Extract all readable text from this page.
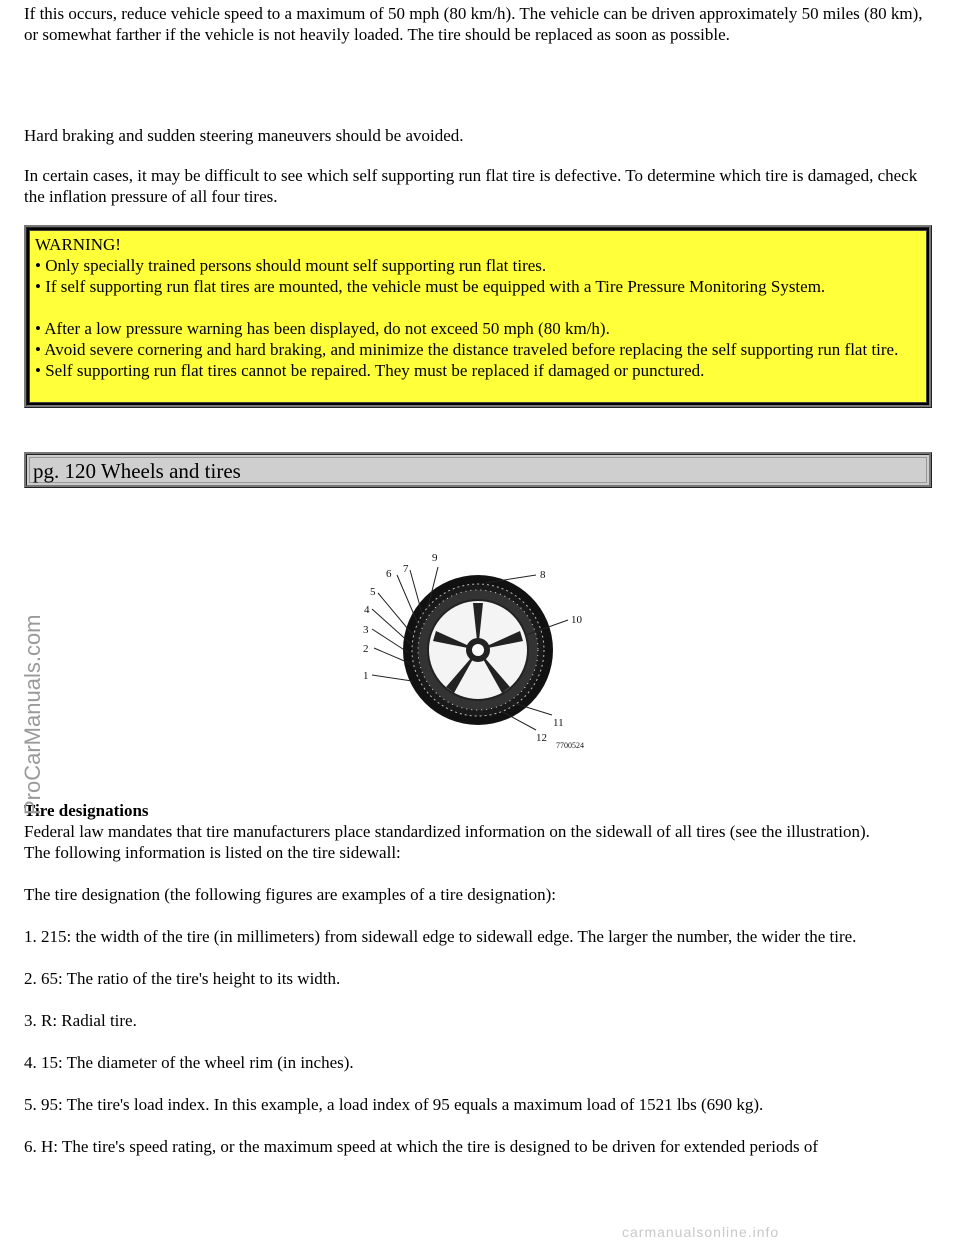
If this occurs, reduce vehicle speed to a maximum of 50 mph (80 km/h). The vehicle can be driven approximately 50 miles (80 km), or somewhat farther if the vehicle is not heavily loaded. The tire should be replaced as soon as possible.

Hard braking and sudden steering maneuvers should be avoided.

In certain cases, it may be difficult to see which self supporting run flat tire is defective. To determine which tire is damaged, check the inflation pressure of all four tires.

WARNING!
• Only specially trained persons should mount self supporting run flat tires.
• If self supporting run flat tires are mounted, the vehicle must be equipped with a Tire Pressure Monitoring System.
• After a low pressure warning has been displayed, do not exceed 50 mph (80 km/h).
• Avoid severe cornering and hard braking, and minimize the distance traveled before replacing the self supporting run flat tire.
• Self supporting run flat tires cannot be repaired. They must be replaced if damaged or punctured.
pg. 120 Wheels and tires
Tire designations
Federal law mandates that tire manufacturers place standardized information on the sidewall of all tires (see the illustration).
The following information is listed on the tire sidewall:
The tire designation (the following figures are examples of a tire designation):
1. 215: the width of the tire (in millimeters) from sidewall edge to sidewall edge. The larger the number, the wider the tire.
2. 65: The ratio of the tire's height to its width.
3. R: Radial tire.
4. 15: The diameter of the wheel rim (in inches).
5. 95: The tire's load index. In this example, a load index of 95 equals a maximum load of 1521 lbs (690 kg).
6. H: The tire's speed rating, or the maximum speed at which the tire is designed to be driven for extended periods of
ProCarManuals.com	1
2
3
4
5
6 7
9
8
10
11
12
7700524
carmanualsonline.info
